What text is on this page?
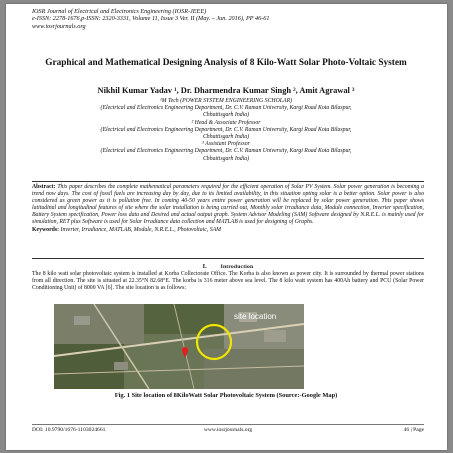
IOSR Journal of Electrical and Electronics Engineering (IOSR-JEEE)
e-ISSN: 2278-1676,p-ISSN: 2320-3331, Volume 11, Issue 3 Ver. II (May. – Jun. 2016), PP 46-61
www.iosrjournals.org
Graphical and Mathematical Designing Analysis of 8 Kilo-Watt Solar Photo-Voltaic System
Nikhil Kumar Yadav ¹, Dr. Dharmendra Kumar Singh ², Amit Agrawal ³
¹M Tech (POWER SYSTEM ENGINEERING SCHOLAR)
(Electrical and Electronics Engineering Department, Dr. C.V. Raman University, Kargi Road Kota Bilaspur,
Chhattisgarh India)
² Head & Associate Professor
(Electrical and Electronics Engineering Department, Dr. C.V. Raman University, Kargi Road Kota Bilaspur,
Chhattisgarh India)
³ Assistant Professor
(Electrical and Electronics Engineering Department, Dr. C.V. Raman University, Kargi Road Kota Bilaspur,
Chhattisgarh India)
Abstract: This paper describes the complete mathematical parameters required for the efficient operation of Solar PV System. Solar power generation is becoming a trend now days. The cost of fossil fuels are increasing day by day, due to its limited availability, in this situation opting solar is a better option. Solar power is also considered as green power as it is pollution free. In coming 40-50 years entire power generation will be replaced by solar power generation. This paper shows latitudinal and longitudinal features of site where the solar installation is being carried out, Monthly solar irradiance data, Module connection, Inverter specification, Battery System specification, Power loss data and Desired and actual output graph. System Advisor Modeling (SAM) Software designed by N.R.E.L. is mainly used for simulation, RET plus Software is used for Solar Irradiance data collection and MATLAB is used for designing of Graphs.
Keywords: Inverter, Irradiance, MATLAB, Module, N.R.E.L., Photovoltaic, SAM
I. Introduction
The 8 kilo watt solar photovoltaic system is installed at Korba Collectorate Office. The Korba is also known as power city. It is surrounded by thermal power stations from all direction. The site is situated at 22.35°N 82.68°E. The korba is 316 meter above sea level. The 8 kilo watt system has 400Ah battery and PCU (Solar Power Conditioning Unit) of 8000 VA [6]. The site location is as follows:
site location
Fig. 1 Site location of 8KiloWatt Solar Photovoltaic System (Source:-Google Map)
DOI: 10.9790/1676-1103024661	www.iosrjournals.org	46 | Page
